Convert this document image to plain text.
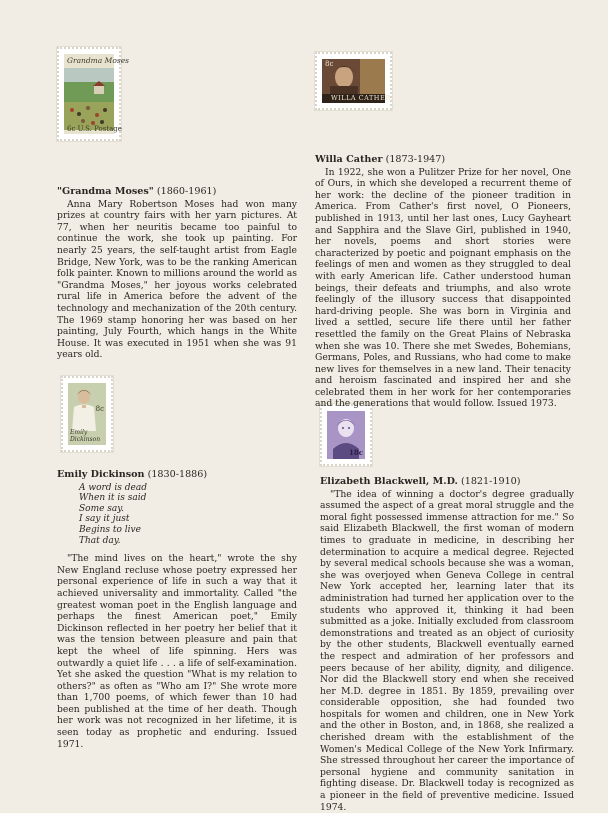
Grandma Moses
6c U.S. Postage
8c
WILLA CATHER
8c
Emily Dickinson
18c
"Grandma Moses" (1860-1961)

Anna Mary Robertson Moses had won many prizes at country fairs with her yarn pictures. At 77, when her neuritis became too painful to continue the work, she took up painting. For nearly 25 years, the self-taught artist from Eagle Bridge, New York, was to be the ranking American folk painter. Known to millions around the world as "Grandma Moses," her joyous works celebrated rural life in America before the advent of the technology and mechanization of the 20th century. The 1969 stamp honoring her was based on her painting, July Fourth, which hangs in the White House. It was executed in 1951 when she was 91 years old.

Willa Cather (1873-1947)

In 1922, she won a Pulitzer Prize for her novel, One of Ours, in which she developed a recurrent theme of her work: the decline of the pioneer tradition in America. From Cather's first novel, O Pioneers, published in 1913, until her last ones, Lucy Gayheart and Sapphira and the Slave Girl, published in 1940, her novels, poems and short stories were characterized by poetic and poignant emphasis on the feelings of men and women as they struggled to deal with early American life. Cather understood human beings, their defeats and triumphs, and also wrote feelingly of the illusory success that disappointed hard-driving people. She was born in Virginia and lived a settled, secure life there until her father resettled the family on the Great Plains of Nebraska when she was 10. There she met Swedes, Bohemians, Germans, Poles, and Russians, who had come to make new lives for themselves in a new land. Their tenacity and heroism fascinated and inspired her and she celebrated them in her work for her contemporaries and the generations that would follow. Issued 1973.

Emily Dickinson (1830-1886)
A word is dead
When it is said
Some say.
I say it just
Begins to live
That day.

"The mind lives on the heart," wrote the shy New England recluse whose poetry expressed her personal experience of life in such a way that it achieved universality and immortality. Called "the greatest woman poet in the English language and perhaps the finest American poet," Emily Dickinson reflected in her poetry her belief that it was the tension between pleasure and pain that kept the wheel of life spinning. Hers was outwardly a quiet life . . . a life of self-examination. Yet she asked the question "What is my relation to others?" as often as "Who am I?" She wrote more than 1,700 poems, of which fewer than 10 had been published at the time of her death. Though her work was not recognized in her lifetime, it is seen today as prophetic and enduring. Issued 1971.

Elizabeth Blackwell, M.D. (1821-1910)

"The idea of winning a doctor's degree gradually assumed the aspect of a great moral struggle and the moral fight possessed immense attraction for me." So said Elizabeth Blackwell, the first woman of modern times to graduate in medicine, in describing her determination to acquire a medical degree. Rejected by several medical schools because she was a woman, she was overjoyed when Geneva College in central New York accepted her, learning later that its administration had turned her application over to the students who approved it, thinking it had been submitted as a joke. Initially excluded from classroom demonstrations and treated as an object of curiosity by the other students, Blackwell eventually earned the respect and admiration of her professors and peers because of her ability, dignity, and diligence. Nor did the Blackwell story end when she received her M.D. degree in 1851. By 1859, prevailing over considerable opposition, she had founded two hospitals for women and children, one in New York and the other in Boston, and, in 1868, she realized a cherished dream with the establishment of the Women's Medical College of the New York Infirmary. She stressed throughout her career the importance of personal hygiene and community sanitation in fighting disease. Dr. Blackwell today is recognized as a pioneer in the field of preventive medicine. Issued 1974.
